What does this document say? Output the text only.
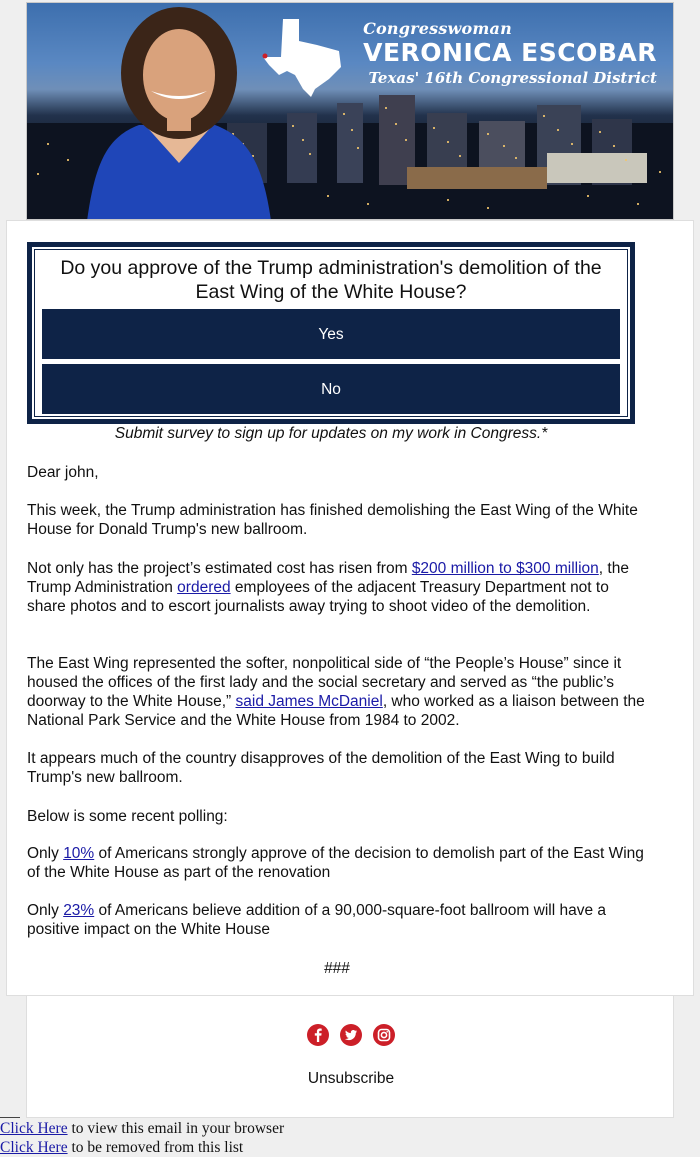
Congresswoman
VERONICA ESCOBAR
Texas' 16th Congressional District
Do you approve of the Trump administration's demolition of the East Wing of the White House?
Yes
No
Submit survey to sign up for updates on my work in Congress.*

Dear john,

This week, the Trump administration has finished demolishing the East Wing of the White House for Donald Trump's new ballroom.

Not only has the project’s estimated cost has risen from $200 million to $300 million, the Trump Administration ordered employees of the adjacent Treasury Department not to share photos and to escort journalists away trying to shoot video of the demolition.

The East Wing represented the softer, nonpolitical side of “the People’s House” since it housed the offices of the first lady and the social secretary and served as “the public’s doorway to the White House,” said James McDaniel, who worked as a liaison between the National Park Service and the White House from 1984 to 2002.

It appears much of the country disapproves of the demolition of the East Wing to build Trump's new ballroom.

Below is some recent polling:

Only 10% of Americans strongly approve of the decision to demolish part of the East Wing of the White House as part of the renovation

Only 23% of Americans believe addition of a 90,000-square-foot ballroom will have a positive impact on the White House

###

Unsubscribe
Click Here to view this email in your browser
Click Here to be removed from this list
